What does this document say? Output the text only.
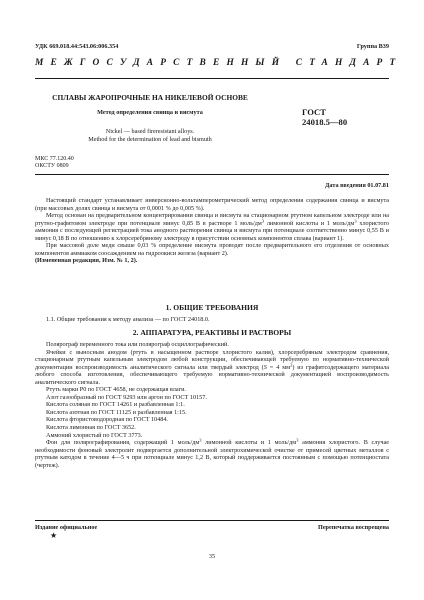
УДК 669.018.44:543.06:006.354	Группа В39
МЕЖГОСУДАРСТВЕННЫЙ СТАНДАРТ
СПЛАВЫ ЖАРОПРОЧНЫЕ НА НИКЕЛЕВОЙ ОСНОВЕ
Метод определения свинца и висмута
Nickel — based fireresistant alloys.
Method for the determination of lead and bismuth
ГОСТ
24018.5—80
МКС 77.120.40
ОКСТУ 0809
Дата введения 01.07.81
Настоящий стандарт устанавливает инверсионно-вольтамперометрический метод определения содержания свинца и висмута (при массовых долях свинца и висмута от 0,0001 % до 0,005 %).
Метод основан на предварительном концентрировании свинца и висмута на стационарном ртутном капельном электроде или на ртутно-графитовом электроде при потенциале минус 0,85 В в растворе 1 моль/$дм^3$ лимонной кислоты и 1 моль/$дм^3$ хлористого аммония с последующей регистрацией тока анодного растворения свинца и висмута при потенциале соответственно минус 0,55 В и минус 0,18 В по отношению к хлорсеребряному электроду в присутствии основных компонентов сплава (вариант 1).
При массовой доле меди свыше 0,03 % определение висмута проводят после предварительного его отделения от основных компонентов аммиаком соосаждением на гидроокиси железа (вариант 2).
(Измененная редакция, Изм. № 1, 2).
1. ОБЩИЕ ТРЕБОВАНИЯ
1.1. Общие требования к методу анализа — по ГОСТ 24018.0.
2. АППАРАТУРА, РЕАКТИВЫ И РАСТВОРЫ
Полярограф переменного тока или полярограф осциллографический.
Ячейки с выносным анодом (ртуть в насыщенном растворе хлористого калия), хлорсеребряным электродом сравнения, стационарным ртутным капельным электродом любой конструкции, обеспечивающей требуемую по нормативно-технической документации воспроизводимость аналитического сигнала или твердый электрод (S = 4 $мм^2$) из графитсодержащего материала любого способа изготовления, обеспечивающего требуемую нормативно-технической документацией воспроизводимость аналитического сигнала.
Ртуть марки Р0 по ГОСТ 4658, не содержащая влаги.
Азот газообразный по ГОСТ 9293 или аргон по ГОСТ 10157.
Кислота соляная по ГОСТ 14261 и разбавленная 1:1.
Кислота азотная по ГОСТ 11125 и разбавленная 1:15.
Кислота фтористоводородная по ГОСТ 10484.
Кислота лимонная по ГОСТ 3652.
Аммоний хлористый по ГОСТ 3773.
Фон для полярографирования, содержащий 1 моль/$дм^3$ лимонной кислоты и 1 моль/$дм^3$ аммония хлористого. В случае необходимости фоновый электролит подвергается дополнительной электрохимической очистке от примесей цветных металлов с ртутным катодом в течение 4—5 ч при потенциале минус 1,2 В, который поддерживается постоянным с помощью потенциостата (чертеж).
Издание официальное
★
Перепечатка воспрещена
35
